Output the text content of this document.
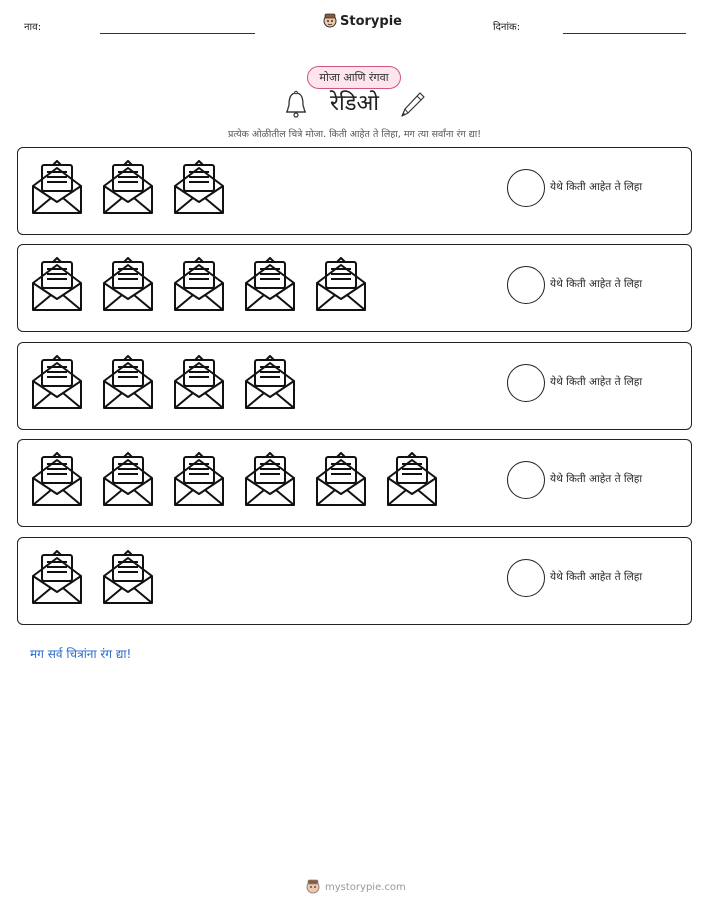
नाव:	Storypie	दिनांक:
मोजा आणि रंगवा
रेडिओ
प्रत्येक ओळीतील चित्रे मोजा. किती आहेत ते लिहा, मग त्या सर्वांना रंग द्या!
येथे किती आहेत ते लिहा
येथे किती आहेत ते लिहा
येथे किती आहेत ते लिहा
येथे किती आहेत ते लिहा
येथे किती आहेत ते लिहा
मग सर्व चित्रांना रंग द्या!
mystorypie.com
